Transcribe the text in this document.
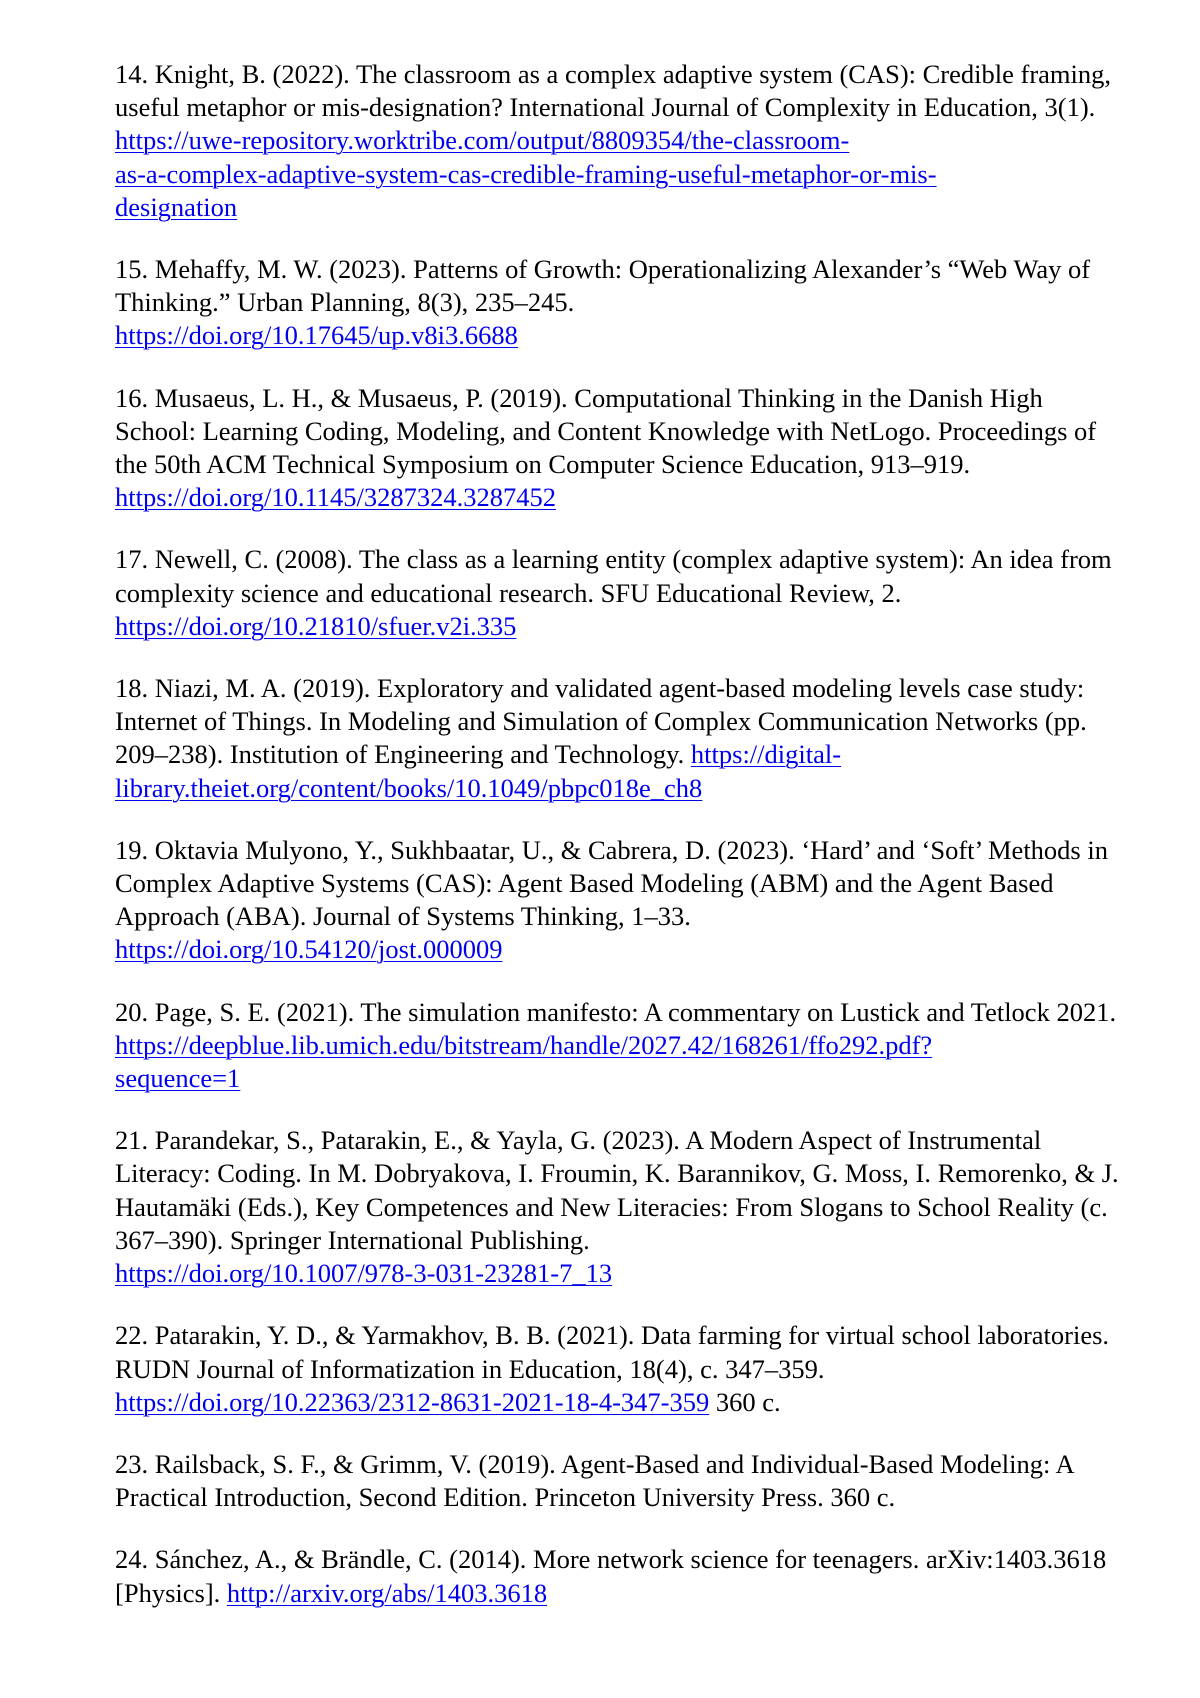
14. Knight, B. (2022). The classroom as a complex adaptive system (CAS): Credible framing, useful metaphor or mis-designation? International Journal of Complexity in Education, 3(1). https://uwe-repository.worktribe.com/output/8809354/the-classroom-
as-a-complex-adaptive-system-cas-credible-framing-useful-metaphor-or-mis-
designation

15. Mehaffy, M. W. (2023). Patterns of Growth: Operationalizing Alexander’s “Web Way of Thinking.” Urban Planning, 8(3), 235–245.
https://doi.org/10.17645/up.v8i3.6688

16. Musaeus, L. H., & Musaeus, P. (2019). Computational Thinking in the Danish High School: Learning Coding, Modeling, and Content Knowledge with NetLogo. Proceedings of the 50th ACM Technical Symposium on Computer Science Education, 913–919. https://doi.org/10.1145/3287324.3287452

17. Newell, C. (2008). The class as a learning entity (complex adaptive system): An idea from complexity science and educational research. SFU Educational Review, 2.
https://doi.org/10.21810/sfuer.v2i.335

18. Niazi, M. A. (2019). Exploratory and validated agent-based modeling levels case study: Internet of Things. In Modeling and Simulation of Complex Communication Networks (pp. 209–238). Institution of Engineering and Technology. https://digital-
library.theiet.org/content/books/10.1049/pbpc018e_ch8

19. Oktavia Mulyono, Y., Sukhbaatar, U., & Cabrera, D. (2023). ‘Hard’ and ‘Soft’ Methods in Complex Adaptive Systems (CAS): Agent Based Modeling (ABM) and the Agent Based Approach (ABA). Journal of Systems Thinking, 1–33.
https://doi.org/10.54120/jost.000009

20. Page, S. E. (2021). The simulation manifesto: A commentary on Lustick and Tetlock 2021. https://deepblue.lib.umich.edu/bitstream/handle/2027.42/168261/ffo292.pdf?
sequence=1

21. Parandekar, S., Patarakin, E., & Yayla, G. (2023). A Modern Aspect of Instrumental Literacy: Coding. In M. Dobryakova, I. Froumin, K. Barannikov, G. Moss, I. Remorenko, & J. Hautamäki (Eds.), Key Competences and New Literacies: From Slogans to School Reality (c. 367–390). Springer International Publishing.
https://doi.org/10.1007/978-3-031-23281-7_13

22. Patarakin, Y. D., & Yarmakhov, B. B. (2021). Data farming for virtual school laboratories. RUDN Journal of Informatization in Education, 18(4), c. 347–359.
https://doi.org/10.22363/2312-8631-2021-18-4-347-359 360 c.

23. Railsback, S. F., & Grimm, V. (2019). Agent-Based and Individual-Based Modeling: A Practical Introduction, Second Edition. Princeton University Press. 360 c.

24. Sánchez, A., & Brändle, C. (2014). More network science for teenagers. arXiv:1403.3618 [Physics]. http://arxiv.org/abs/1403.3618
